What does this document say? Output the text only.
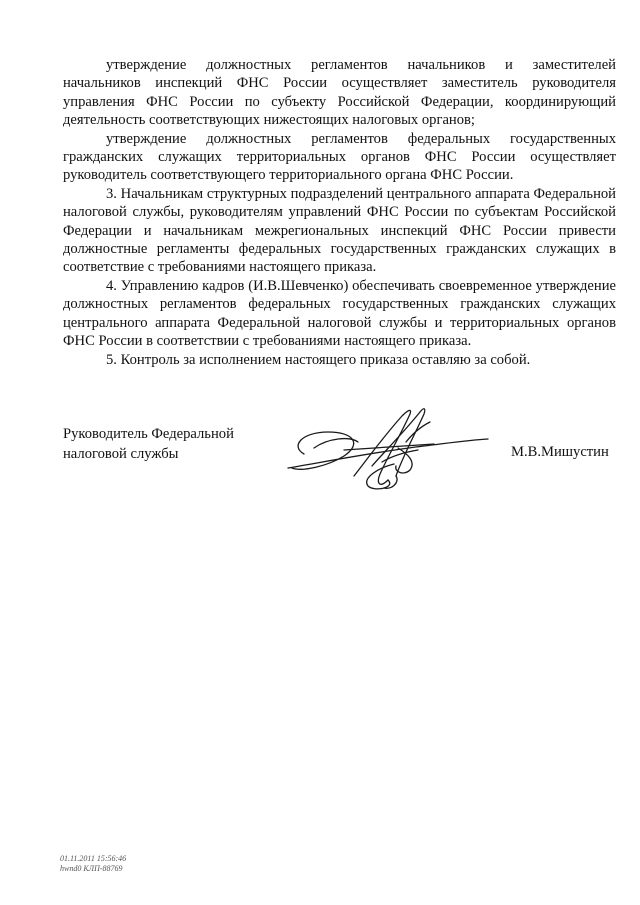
утверждение должностных регламентов начальников и заместителей начальников инспекций ФНС России осуществляет заместитель руководителя управления ФНС России по субъекту Российской Федерации, координирующий деятельность соответствующих нижестоящих налоговых органов;

утверждение должностных регламентов федеральных государственных гражданских служащих территориальных органов ФНС России осуществляет руководитель соответствующего территориального органа ФНС России.

3. Начальникам структурных подразделений центрального аппарата Федеральной налоговой службы, руководителям управлений ФНС России по субъектам Российской Федерации и начальникам межрегиональных инспекций ФНС России привести должностные регламенты федеральных государственных гражданских служащих в соответствие с требованиями настоящего приказа.

4. Управлению кадров (И.В.Шевченко) обеспечивать своевременное утверждение должностных регламентов федеральных государственных гражданских служащих центрального аппарата Федеральной налоговой службы и территориальных органов ФНС России в соответствии с требованиями настоящего приказа.

5. Контроль за исполнением настоящего приказа оставляю за собой.

Руководитель Федеральной
налоговой службы	М.В.Мишустин
01.11.2011 15:56:46
hwnd0 КЛП-88769
